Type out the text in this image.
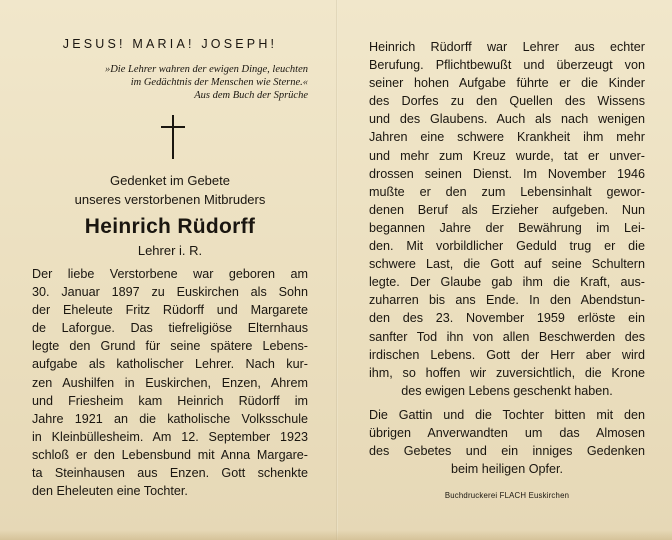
JESUS! MARIA! JOSEPH!
»Die Lehrer wahren der ewigen Dinge, leuchten
im Gedächtnis der Menschen wie Sterne.«
Aus dem Buch der Sprüche
Gedenket im Gebete
unseres verstorbenen Mitbruders
Heinrich Rüdorff
Lehrer i. R.
Der liebe Verstorbene war geboren am
30. Januar 1897 zu Euskirchen als Sohn
der Eheleute Fritz Rüdorff und Margarete
de Laforgue. Das tiefreligiöse Elternhaus
legte den Grund für seine spätere Lebens-
aufgabe als katholischer Lehrer. Nach kur-
zen Aushilfen in Euskirchen, Enzen, Ahrem
und Friesheim kam Heinrich Rüdorff im
Jahre 1921 an die katholische Volksschule
in Kleinbüllesheim. Am 12. September 1923
schloß er den Lebensbund mit Anna Margare-
ta Steinhausen aus Enzen. Gott schenkte
den Eheleuten eine Tochter.
Heinrich Rüdorff war Lehrer aus echter
Berufung. Pflichtbewußt und überzeugt von
seiner hohen Aufgabe führte er die Kinder
des Dorfes zu den Quellen des Wissens
und des Glaubens. Auch als nach wenigen
Jahren eine schwere Krankheit ihm mehr
und mehr zum Kreuz wurde, tat er unver-
drossen seinen Dienst. Im November 1946
mußte er den zum Lebensinhalt gewor-
denen Beruf als Erzieher aufgeben. Nun
begannen Jahre der Bewährung im Lei-
den. Mit vorbildlicher Geduld trug er die
schwere Last, die Gott auf seine Schultern
legte. Der Glaube gab ihm die Kraft, aus-
zuharren bis ans Ende. In den Abendstun-
den des 23. November 1959 erlöste ein
sanfter Tod ihn von allen Beschwerden des
irdischen Lebens. Gott der Herr aber wird
ihm, so hoffen wir zuversichtlich, die Krone
des ewigen Lebens geschenkt haben.
Die Gattin und die Tochter bitten mit den
übrigen Anverwandten um das Almosen
des Gebetes und ein inniges Gedenken
beim heiligen Opfer.
Buchdruckerei FLACH Euskirchen
